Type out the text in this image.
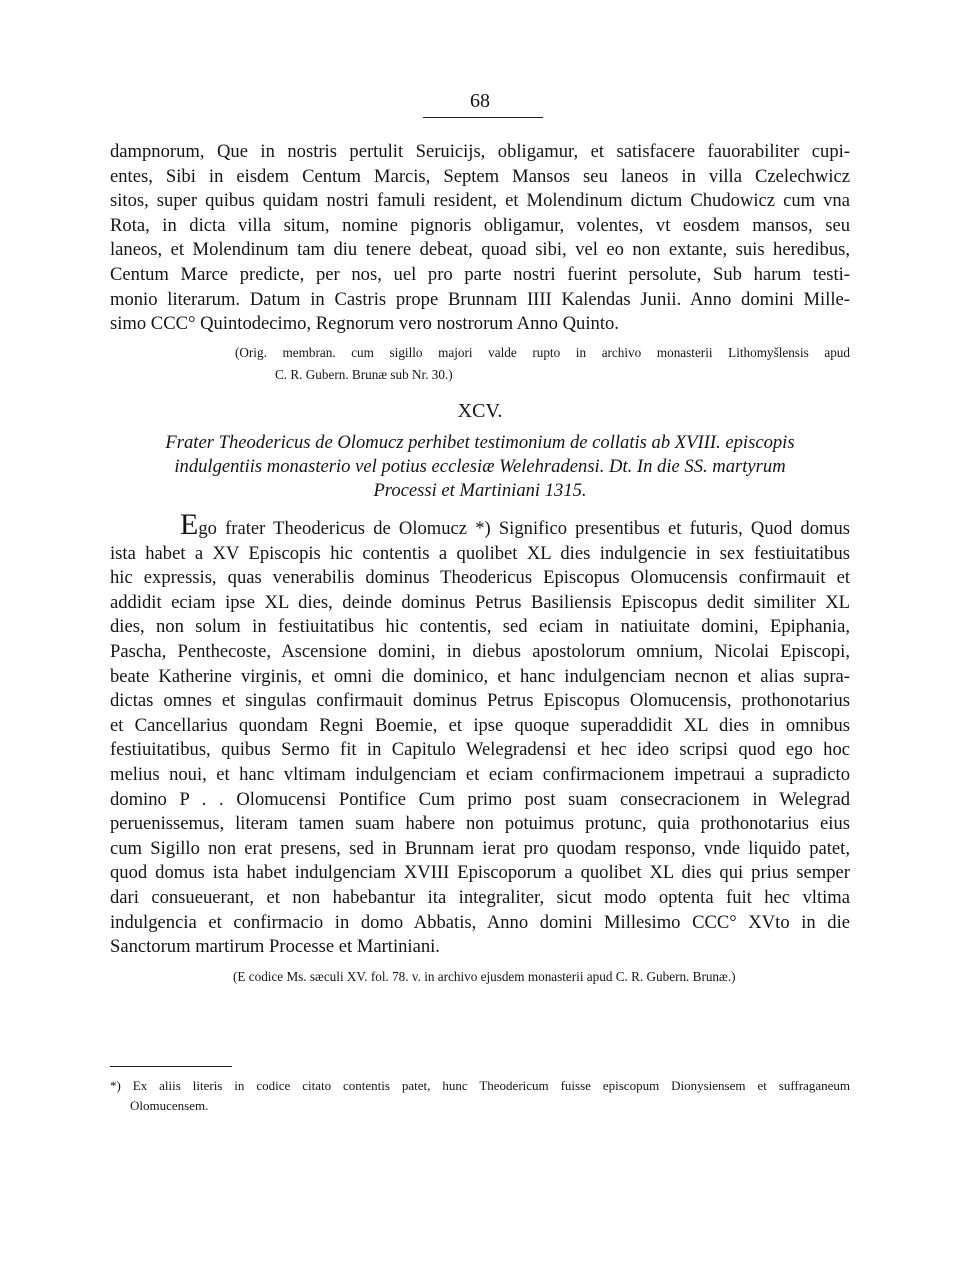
68
dampnorum, Que in nostris pertulit Seruicijs, obligamur, et satisfacere fauorabiliter cupi-
entes, Sibi in eisdem Centum Marcis, Septem Mansos seu laneos in villa Czelechwicz
sitos, super quibus quidam nostri famuli resident, et Molendinum dictum Chudowicz cum vna
Rota, in dicta villa situm, nomine pignoris obligamur, volentes, vt eosdem mansos, seu
laneos, et Molendinum tam diu tenere debeat, quoad sibi, vel eo non extante, suis heredibus,
Centum Marce predicte, per nos, uel pro parte nostri fuerint persolute, Sub harum testi-
monio literarum. Datum in Castris prope Brunnam IIII Kalendas Junii. Anno domini Mille-
simo CCC° Quintodecimo, Regnorum vero nostrorum Anno Quinto.
(Orig. membran. cum sigillo majori valde rupto in archivo monasterii Lithomyšlensis apud
C. R. Gubern. Brunæ sub Nr. 30.)
XCV.
Frater Theodericus de Olomucz perhibet testimonium de collatis ab XVIII. episcopis
indulgentiis monasterio vel potius ecclesiæ Welehradensi. Dt. In die SS. martyrum
Processi et Martiniani 1315.
Ego frater Theodericus de Olomucz *) Significo presentibus et futuris, Quod domus
ista habet a XV Episcopis hic contentis a quolibet XL dies indulgencie in sex festiuitatibus
hic expressis, quas venerabilis dominus Theodericus Episcopus Olomucensis confirmauit et
addidit eciam ipse XL dies, deinde dominus Petrus Basiliensis Episcopus dedit similiter XL
dies, non solum in festiuitatibus hic contentis, sed eciam in natiuitate domini, Epiphania,
Pascha, Penthecoste, Ascensione domini, in diebus apostolorum omnium, Nicolai Episcopi,
beate Katherine virginis, et omni die dominico, et hanc indulgenciam necnon et alias supra-
dictas omnes et singulas confirmauit dominus Petrus Episcopus Olomucensis, prothonotarius
et Cancellarius quondam Regni Boemie, et ipse quoque superaddidit XL dies in omnibus
festiuitatibus, quibus Sermo fit in Capitulo Welegradensi et hec ideo scripsi quod ego hoc
melius noui, et hanc vltimam indulgenciam et eciam confirmacionem impetraui a supradicto
domino P . . Olomucensi Pontifice Cum primo post suam consecracionem in Welegrad
peruenissemus, literam tamen suam habere non potuimus protunc, quia prothonotarius eius
cum Sigillo non erat presens, sed in Brunnam ierat pro quodam responso, vnde liquido patet,
quod domus ista habet indulgenciam XVIII Episcoporum a quolibet XL dies qui prius semper
dari consueuerant, et non habebantur ita integraliter, sicut modo optenta fuit hec vltima
indulgencia et confirmacio in domo Abbatis, Anno domini Millesimo CCC° XVto in die
Sanctorum martirum Processe et Martiniani.
(E codice Ms. sæculi XV. fol. 78. v. in archivo ejusdem monasterii apud C. R. Gubern. Brunæ.)
*) Ex aliis literis in codice citato contentis patet, hunc Theodericum fuisse episcopum Dionysiensem et suffraganeum
Olomucensem.
